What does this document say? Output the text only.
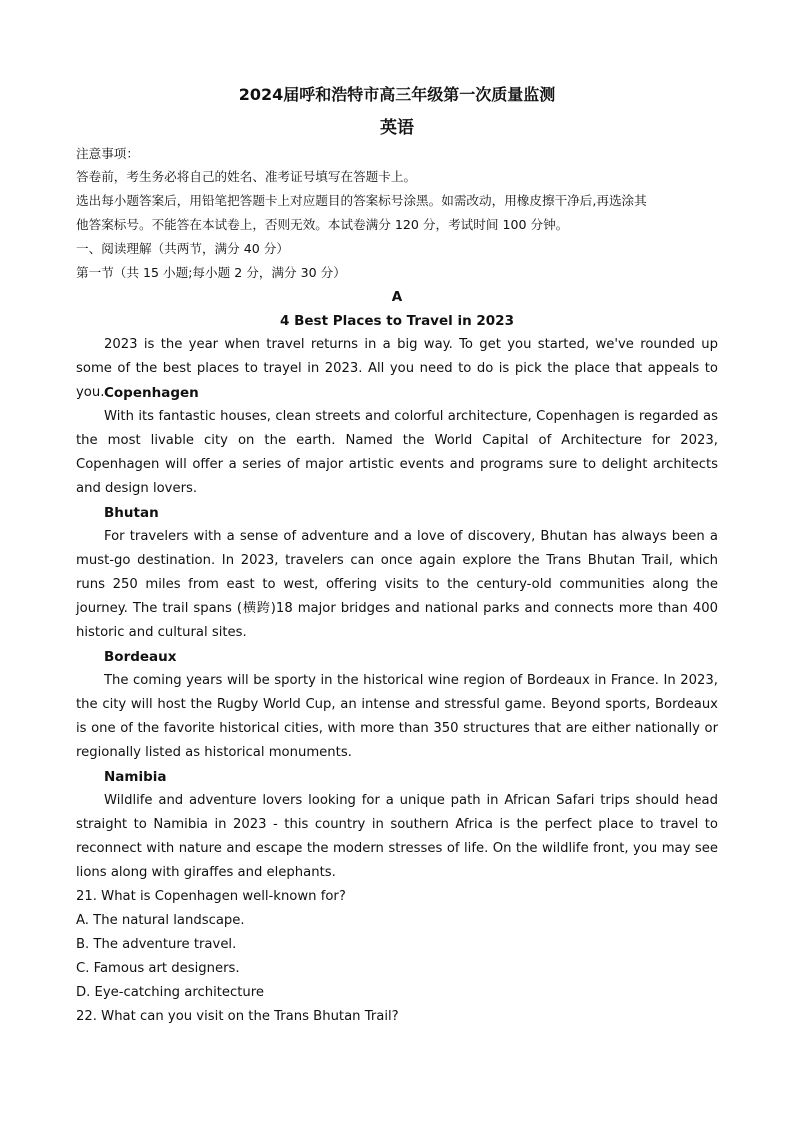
2024届呼和浩特市高三年级第一次质量监测
英语

注意事项：

答卷前，考生务必将自己的姓名、准考证号填写在答题卡上。

选出每小题答案后，用铅笔把答题卡上对应题目的答案标号涂黑。如需改动，用橡皮擦干净后,再选涂其

他答案标号。不能答在本试卷上，否则无效。本试卷满分 120 分，考试时间 100 分钟。

一、阅读理解（共两节，满分 40 分）

第一节（共 15 小题;每小题 2 分，满分 30 分）

A

4 Best Places to Travel in 2023

2023 is the year when travel returns in a big way. To get you started, we've rounded up some of the best places to trayel in 2023. All you need to do is pick the place that appeals to you. Copenhagen

With its fantastic houses, clean streets and colorful architecture, Copenhagen is regarded as the most livable city on the earth. Named the World Capital of Architecture for 2023, Copenhagen will offer a series of major artistic events and programs sure to delight architects and design lovers.

Bhutan

For travelers with a sense of adventure and a love of discovery, Bhutan has always been a must-go destination. In 2023, travelers can once again explore the Trans Bhutan Trail, which runs 250 miles from east to west, offering visits to the century-old communities along the journey. The trail spans (横跨)18 major bridges and national parks and connects more than 400 historic and cultural sites.

Bordeaux

The coming years will be sporty in the historical wine region of Bordeaux in France. In 2023, the city will host the Rugby World Cup, an intense and stressful game. Beyond sports, Bordeaux is one of the favorite historical cities, with more than 350 structures that are either nationally or regionally listed as historical monuments.

Namibia

Wildlife and adventure lovers looking for a unique path in African Safari trips should head straight to Namibia in 2023 - this country in southern Africa is the perfect place to travel to reconnect with nature and escape the modern stresses of life. On the wildlife front, you may see lions along with giraffes and elephants.

21. What is Copenhagen well-known for?

A. The natural landscape.

B. The adventure travel.

C. Famous art designers.

D. Eye-catching architecture

22. What can you visit on the Trans Bhutan Trail?
